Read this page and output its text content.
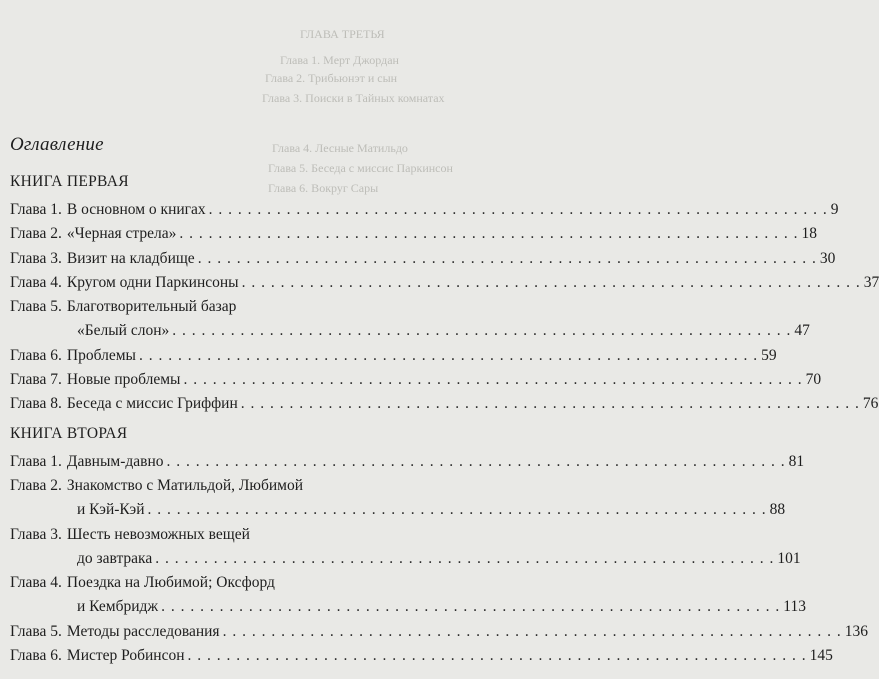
ГЛАВА ТРЕТЬЯ
Глава 1. Мерт Джордан
Глава 2. Трибьюнэт и сын
Глава 3. Поиски в Тайных комнатах
Глава 4. Лесные Матильдо
Глава 5. Беседа с миссис Паркинсон
Глава 6. Вокруг Сары
Оглавление
КНИГА ПЕРВАЯ
Глава 1. В основном о книгах . . .	9
Глава 2. «Черная стрела» . . .	18
Глава 3. Визит на кладбище . . .	30
Глава 4. Кругом одни Паркинсоны . . .	37
Глава 5. Благотворительный базар
«Белый слон» . . .	47
Глава 6. Проблемы . . .	59
Глава 7. Новые проблемы . . .	70
Глава 8. Беседа с миссис Гриффин . . .	76
КНИГА ВТОРАЯ
Глава 1. Давным-давно . . .	81
Глава 2. Знакомство с Матильдой, Любимой
и Кэй-Кэй . . .	88
Глава 3. Шесть невозможных вещей
до завтрака . . .	101
Глава 4. Поездка на Любимой; Оксфорд
и Кембридж . . .	113
Глава 5. Методы расследования . . .	136
Глава 6. Мистер Робинсон . . .	145
